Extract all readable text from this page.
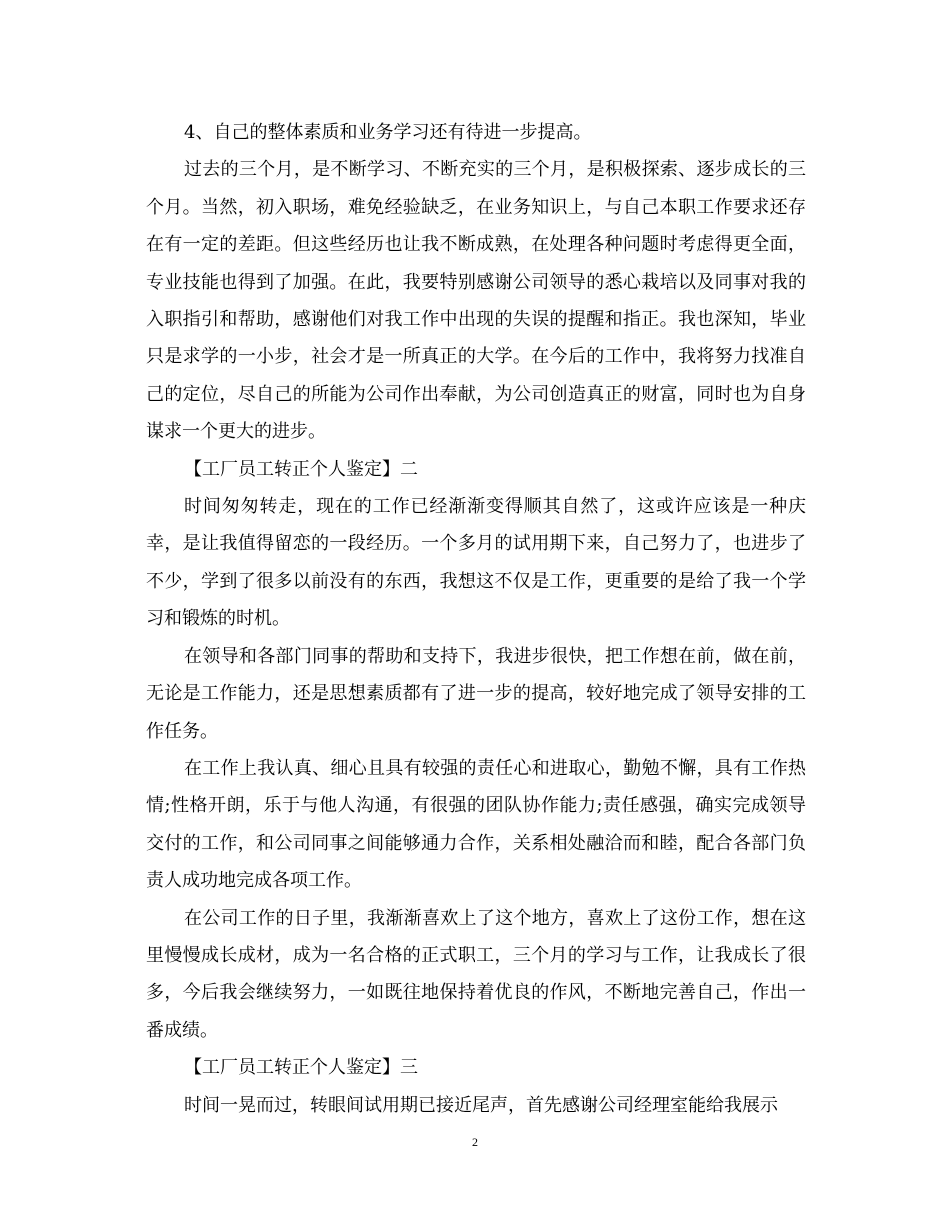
4、自己的整体素质和业务学习还有待进一步提高。

过去的三个月，是不断学习、不断充实的三个月，是积极探索、逐步成长的三个月。当然，初入职场，难免经验缺乏，在业务知识上，与自己本职工作要求还存在有一定的差距。但这些经历也让我不断成熟，在处理各种问题时考虑得更全面，专业技能也得到了加强。在此，我要特别感谢公司领导的悉心栽培以及同事对我的入职指引和帮助，感谢他们对我工作中出现的失误的提醒和指正。我也深知，毕业只是求学的一小步，社会才是一所真正的大学。在今后的工作中，我将努力找准自己的定位，尽自己的所能为公司作出奉献，为公司创造真正的财富，同时也为自身谋求一个更大的进步。

【工厂员工转正个人鉴定】二

时间匆匆转走，现在的工作已经渐渐变得顺其自然了，这或许应该是一种庆幸，是让我值得留恋的一段经历。一个多月的试用期下来，自己努力了，也进步了不少，学到了很多以前没有的东西，我想这不仅是工作，更重要的是给了我一个学习和锻炼的时机。

在领导和各部门同事的帮助和支持下，我进步很快，把工作想在前，做在前，无论是工作能力，还是思想素质都有了进一步的提高，较好地完成了领导安排的工作任务。

在工作上我认真、细心且具有较强的责任心和进取心，勤勉不懈，具有工作热情;性格开朗，乐于与他人沟通，有很强的团队协作能力;责任感强，确实完成领导交付的工作，和公司同事之间能够通力合作，关系相处融洽而和睦，配合各部门负责人成功地完成各项工作。

在公司工作的日子里，我渐渐喜欢上了这个地方，喜欢上了这份工作，想在这里慢慢成长成材，成为一名合格的正式职工，三个月的学习与工作，让我成长了很多，今后我会继续努力，一如既往地保持着优良的作风，不断地完善自己，作出一番成绩。

【工厂员工转正个人鉴定】三

时间一晃而过，转眼间试用期已接近尾声，首先感谢公司经理室能给我展示

2
